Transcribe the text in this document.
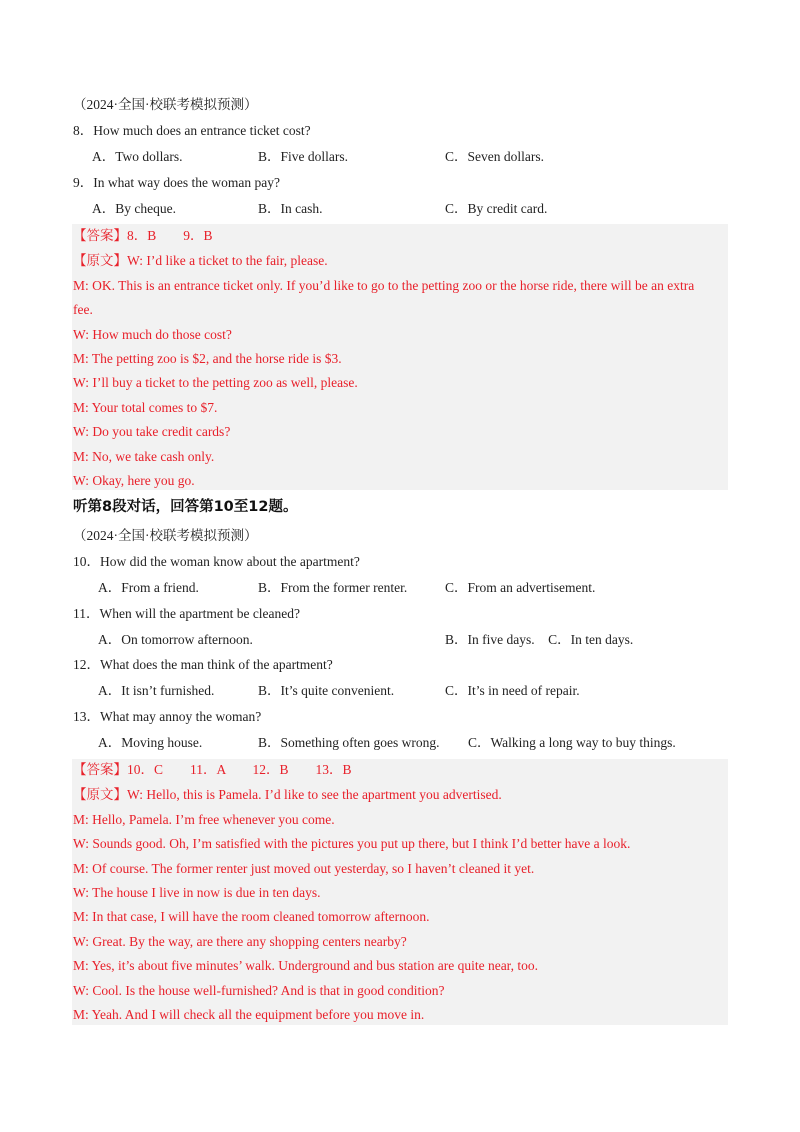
（2024·全国·校联考模拟预测）
8．How much does an entrance ticket cost?
A．Two dollars.	B．Five dollars.	C．Seven dollars.
9．In what way does the woman pay?
A．By cheque.	B．In cash.	C．By credit card.
【答案】8．B        9．B
【原文】W: I’d like a ticket to the fair, please.
M: OK. This is an entrance ticket only. If you’d like to go to the petting zoo or the horse ride, there will be an extra
fee.
W: How much do those cost?
M: The petting zoo is $2, and the horse ride is $3.
W: I’ll buy a ticket to the petting zoo as well, please.
M: Your total comes to $7.
W: Do you take credit cards?
M: No, we take cash only.
W: Okay, here you go.
听第8段对话，回答第10至12题。
（2024·全国·校联考模拟预测）
10．How did the woman know about the apartment?
A．From a friend.	B．From the former renter.	C．From an advertisement.
11．When will the apartment be cleaned?
A．On tomorrow afternoon.	B．In five days.    C．In ten days.
12．What does the man think of the apartment?
A．It isn’t furnished.	B．It’s quite convenient.	C．It’s in need of repair.
13．What may annoy the woman?
A．Moving house.	B．Something often goes wrong. C．Walking a long way to buy things.
【答案】10．C        11．A        12．B        13．B
【原文】W: Hello, this is Pamela. I’d like to see the apartment you advertised.
M: Hello, Pamela. I’m free whenever you come.
W: Sounds good. Oh, I’m satisfied with the pictures you put up there, but I think I’d better have a look.
M: Of course. The former renter just moved out yesterday, so I haven’t cleaned it yet.
W: The house I live in now is due in ten days.
M: In that case, I will have the room cleaned tomorrow afternoon.
W: Great. By the way, are there any shopping centers nearby?
M: Yes, it’s about five minutes’ walk. Underground and bus station are quite near, too.
W: Cool. Is the house well-furnished? And is that in good condition?
M: Yeah. And I will check all the equipment before you move in.
